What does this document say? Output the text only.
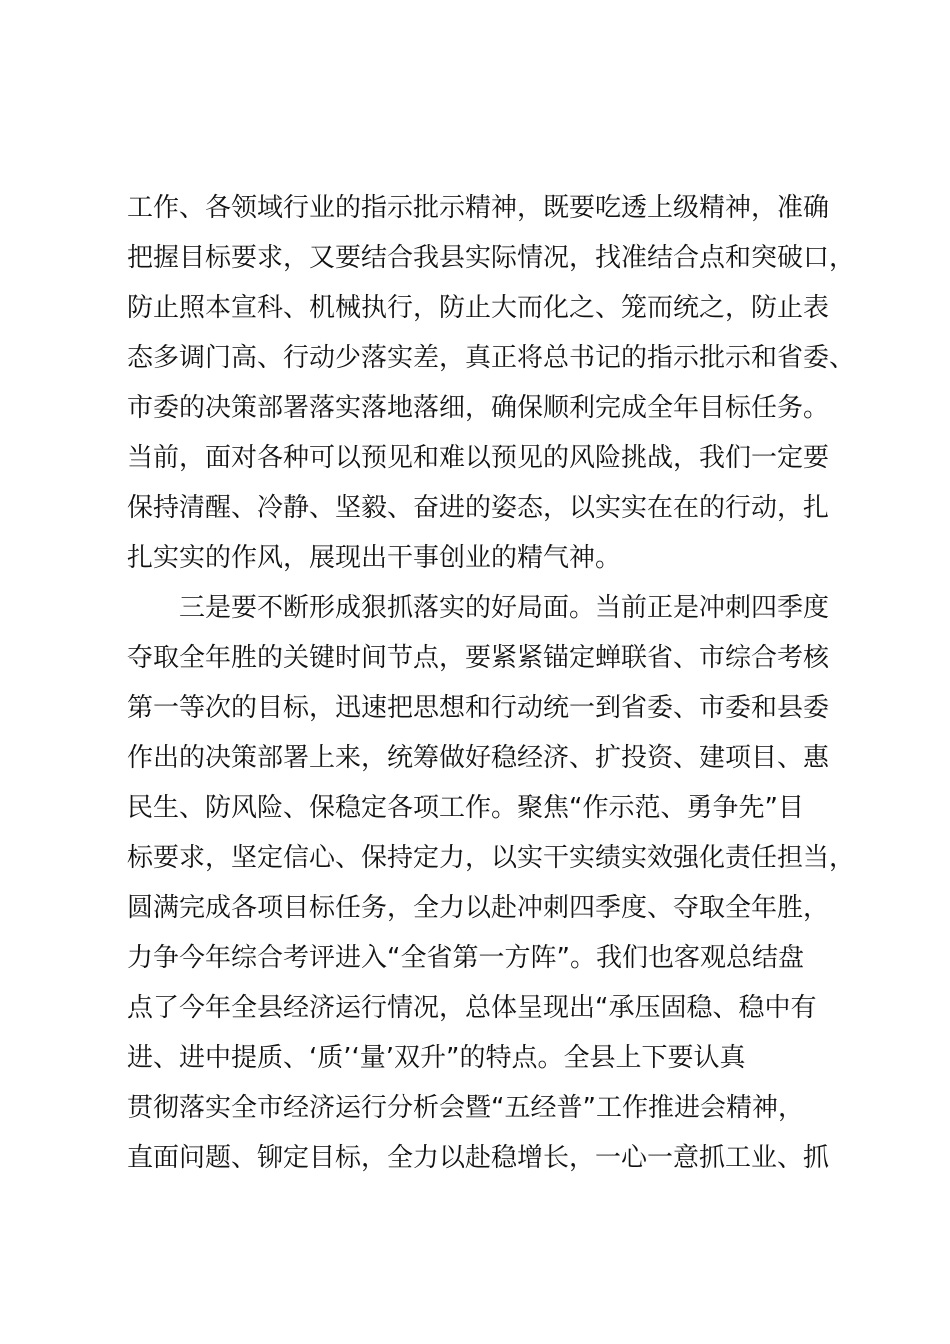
工作、各领域行业的指示批示精神，既要吃透上级精神，准确
把握目标要求，又要结合我县实际情况，找准结合点和突破口，
防止照本宣科、机械执行，防止大而化之、笼而统之，防止表
态多调门高、行动少落实差，真正将总书记的指示批示和省委、
市委的决策部署落实落地落细，确保顺利完成全年目标任务。
当前，面对各种可以预见和难以预见的风险挑战，我们一定要
保持清醒、冷静、坚毅、奋进的姿态，以实实在在的行动，扎
扎实实的作风，展现出干事创业的精气神。
三是要不断形成狠抓落实的好局面。当前正是冲刺四季度
夺取全年胜的关键时间节点，要紧紧锚定蝉联省、市综合考核
第一等次的目标，迅速把思想和行动统一到省委、市委和县委
作出的决策部署上来，统筹做好稳经济、扩投资、建项目、惠
民生、防风险、保稳定各项工作。聚焦“作示范、勇争先”目
标要求，坚定信心、保持定力，以实干实绩实效强化责任担当，
圆满完成各项目标任务，全力以赴冲刺四季度、夺取全年胜，
力争今年综合考评进入“全省第一方阵”。我们也客观总结盘
点了今年全县经济运行情况，总体呈现出“承压固稳、稳中有
进、进中提质、‘质’‘量’双升”的特点。全县上下要认真
贯彻落实全市经济运行分析会暨“五经普”工作推进会精神，
直面问题、铆定目标，全力以赴稳增长，一心一意抓工业、抓
